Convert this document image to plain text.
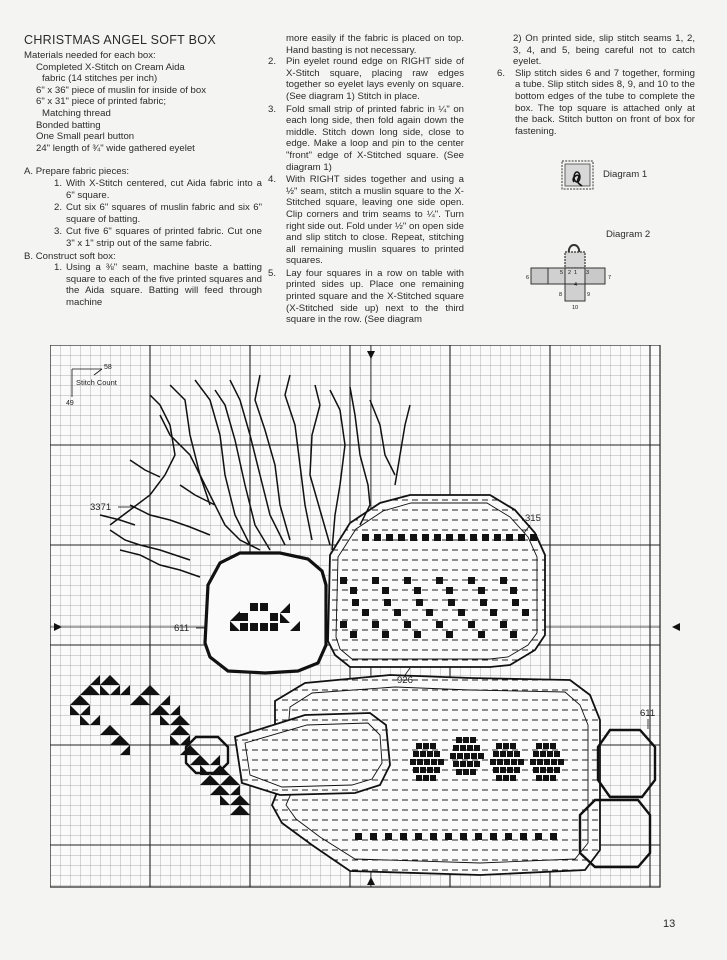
CHRISTMAS ANGEL SOFT BOX
Materials needed for each box:
Completed X-Stitch on Cream Aida
fabric (14 stitches per inch)
6" x 36" piece of muslin for inside of box
6" x 31" piece of printed fabric;
Matching thread
Bonded batting
One Small pearl button
24" length of ¾" wide gathered eyelet
A. Prepare fabric pieces:
1. With X-Stitch centered, cut Aida fabric into a 6" square.
2. Cut six 6" squares of muslin fabric and six 6" square of batting.
3. Cut five 6" squares of printed fabric. Cut one 3" x 1" strip out of the same fabric.
B. Construct soft box:
1. Using a ⅜" seam, machine baste a batting square to each of the five printed squares and the Aida square. Batting will feed through machine
more easily if the fabric is placed on top. Hand basting is not necessary.
2. Pin eyelet round edge on RIGHT side of X-Stitch square, placing raw edges together so eyelet lays evenly on square. (See diagram 1) Stitch in place.
3. Fold small strip of printed fabric in ¼" on each long side, then fold again down the middle. Stitch down long side, close to edge. Make a loop and pin to the center "front" edge of X-Stitched square. (See diagram 1)
4. With RIGHT sides together and using a ½" seam, stitch a muslin square to the X-Stitched square, leaving one side open. Clip corners and trim seams to ¼". Turn right side out. Fold under ½" on open side and slip stitch to close. Repeat, stitching all remaining muslin squares to printed squares.
5. Lay four squares in a row on table with printed sides up. Place one remaining printed square and the X-Stitched square (X-Stitched side up) next to the third square in the row. (See diagram
2) On printed side, slip stitch seams 1, 2, 3, 4, and 5, being careful not to catch eyelet.
6. Slip stitch sides 6 and 7 together, forming a tube. Slip stitch sides 8, 9, and 10 to the bottom edges of the tube to complete the box. The top square is attached only at the back. Stitch button on front of box for fastening.
Diagram 1
Diagram 2
1
2	3
4
5
6	7
8	9
10
58
Stitch Count
49
3371
611
315
926
611
13
